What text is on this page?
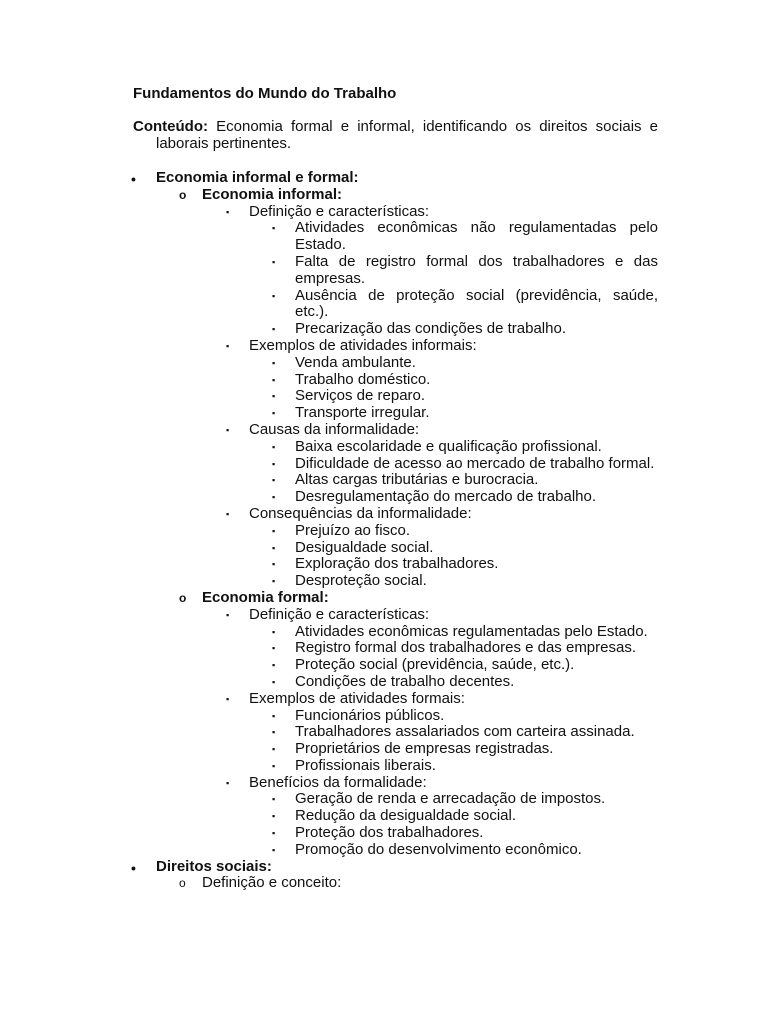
Fundamentos do Mundo do Trabalho
Conteúdo: Economia formal e informal, identificando os direitos sociais e laborais pertinentes.
• Economia informal e formal:
o Economia informal:
▪ Definição e características:
▪ Atividades econômicas não regulamentadas pelo Estado.
▪ Falta de registro formal dos trabalhadores e das empresas.
▪ Ausência de proteção social (previdência, saúde, etc.).
▪ Precarização das condições de trabalho.
▪ Exemplos de atividades informais:
▪ Venda ambulante.
▪ Trabalho doméstico.
▪ Serviços de reparo.
▪ Transporte irregular.
▪ Causas da informalidade:
▪ Baixa escolaridade e qualificação profissional.
▪ Dificuldade de acesso ao mercado de trabalho formal.
▪ Altas cargas tributárias e burocracia.
▪ Desregulamentação do mercado de trabalho.
▪ Consequências da informalidade:
▪ Prejuízo ao fisco.
▪ Desigualdade social.
▪ Exploração dos trabalhadores.
▪ Desproteção social.
o Economia formal:
▪ Definição e características:
▪ Atividades econômicas regulamentadas pelo Estado.
▪ Registro formal dos trabalhadores e das empresas.
▪ Proteção social (previdência, saúde, etc.).
▪ Condições de trabalho decentes.
▪ Exemplos de atividades formais:
▪ Funcionários públicos.
▪ Trabalhadores assalariados com carteira assinada.
▪ Proprietários de empresas registradas.
▪ Profissionais liberais.
▪ Benefícios da formalidade:
▪ Geração de renda e arrecadação de impostos.
▪ Redução da desigualdade social.
▪ Proteção dos trabalhadores.
▪ Promoção do desenvolvimento econômico.
• Direitos sociais:
o Definição e conceito:
